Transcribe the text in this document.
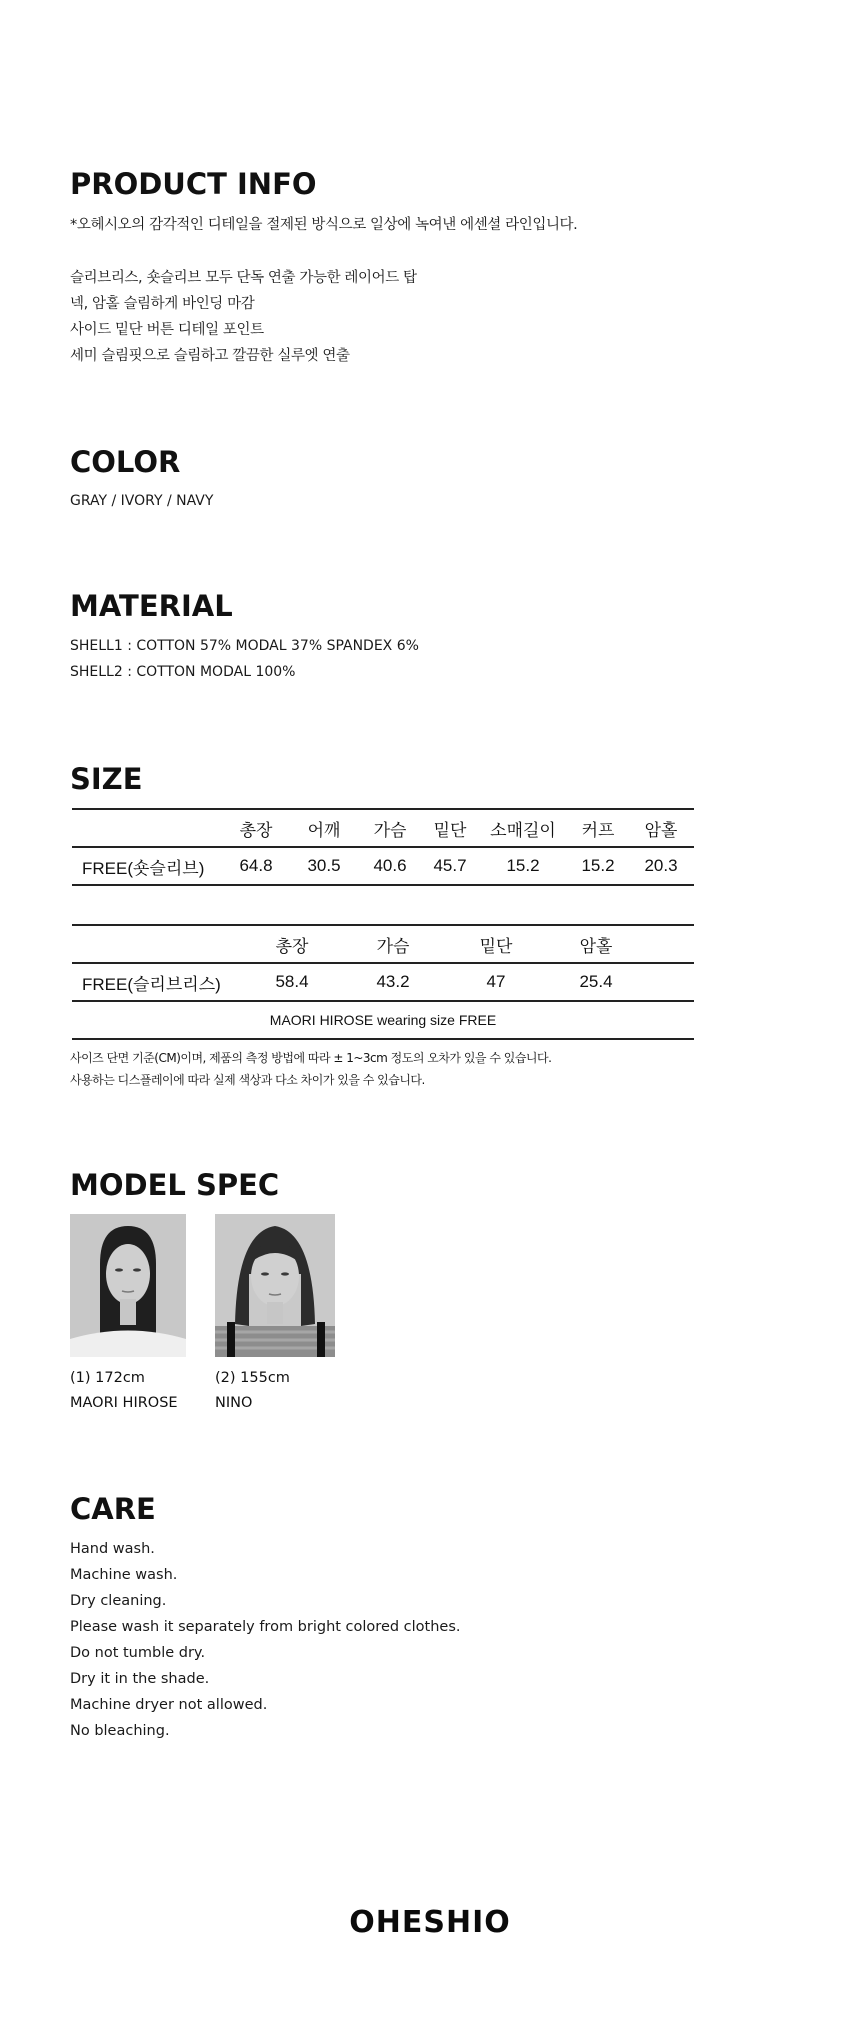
PRODUCT INFO
*오헤시오의 감각적인 디테일을 절제된 방식으로 일상에 녹여낸 에센셜 라인입니다.
슬리브리스, 숏슬리브 모두 단독 연출 가능한 레이어드 탑
넥, 암홀 슬림하게 바인딩 마감
사이드 밑단 버튼 디테일 포인트
세미 슬림핏으로 슬림하고 깔끔한 실루엣 연출
COLOR
GRAY / IVORY / NAVY
MATERIAL
SHELL1 : COTTON 57% MODAL 37% SPANDEX 6%
SHELL2 : COTTON MODAL 100%
SIZE
	총장	어깨	가슴	밑단	소매길이	커프	암홀
FREE(숏슬리브)	64.8	30.5	40.6	45.7	15.2	15.2	20.3
	총장	가슴	밑단	암홀	
FREE(슬리브리스)	58.4	43.2	47	25.4	
MAORI HIROSE wearing size FREE					
사이즈 단면 기준(CM)이며, 제품의 측정 방법에 따라 ± 1~3cm 정도의 오차가 있을 수 있습니다.
사용하는 디스플레이에 따라 실제 색상과 다소 차이가 있을 수 있습니다.
MODEL SPEC
(1) 172cm
MAORI HIROSE
(2) 155cm
NINO
CARE
Hand wash.
Machine wash.
Dry cleaning.
Please wash it separately from bright colored clothes.
Do not tumble dry.
Dry it in the shade.
Machine dryer not allowed.
No bleaching.
OHESHIO
